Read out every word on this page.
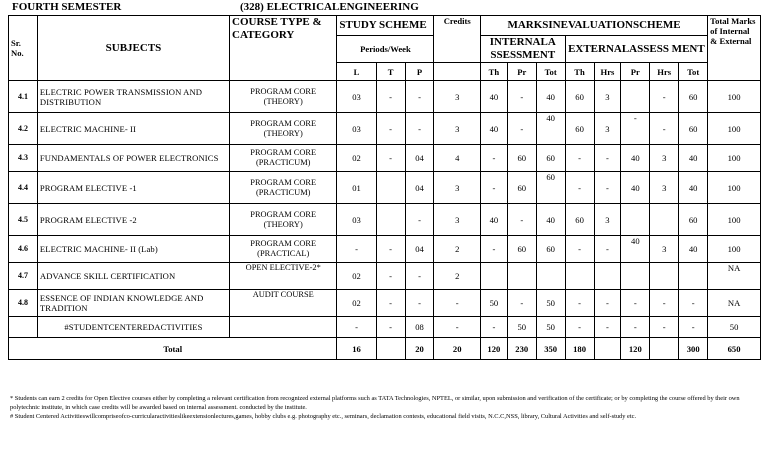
FOURTH SEMESTER	(328) ELECTRICALENGINEERING
Sr. No.	SUBJECTS	COURSE TYPE & CATEGORY	STUDY SCHEME			Credits	MARKSINEVALUATIONSCHEME								Total Marks of Internal & External
			Periods/Week				INTERNALA SSESSMENT			EXTERNALASSESS MENT					
			L	T	P		Th	Pr	Tot	Th	Hrs	Pr	Hrs	Tot	
4.1	ELECTRIC POWER TRANSMISSION AND DISTRIBUTION	PROGRAM CORE (THEORY)	03	-	-	3	40	-	40	60	3		-	60	100
4.2	ELECTRIC MACHINE- II	PROGRAM CORE (THEORY)	03	-	-	3	40	-	40	60	3	-	-	60	100
4.3	FUNDAMENTALS OF POWER ELECTRONICS	PROGRAM CORE (PRACTICUM)	02	-	04	4	-	60	60	-	-	40	3	40	100
4.4	PROGRAM ELECTIVE -1	PROGRAM CORE (PRACTICUM)	01		04	3	-	60	60	-	-	40	3	40	100
4.5	PROGRAM ELECTIVE -2	PROGRAM CORE (THEORY)	03		-	3	40	-	40	60	3			60	100
4.6	ELECTRIC MACHINE- II (Lab)	PROGRAM CORE (PRACTICAL)	-	-	04	2	-	60	60	-	-	40	3	40	100
4.7	ADVANCE SKILL CERTIFICATION	OPEN ELECTIVE-2*	02	-	-	2									NA
4.8	ESSENCE OF INDIAN KNOWLEDGE AND TRADITION	AUDIT COURSE	02	-	-	-	50	-	50	-	-	-	-	-	NA
	#STUDENTCENTEREDACTIVITIES		-	-	08	-	-	50	50	-	-	-	-	-	50
Total			16		20	20	120	230	350	180		120		300	650

* Students can earn 2 credits for Open Elective courses either by completing a relevant certification from recognized external platforms such as TATA Technologies, NPTEL, or similar, upon submission and verification of the certificate; or by completing the course offered by their own polytechnic institute, in which case credits will be awarded based on internal assessment. conducted by the institute.

# Student Centered Activitieswillcompriseofco-curricularactivitieslikeextensionlectures,games, hobby clubs e.g. photography etc., seminars, declamation contests, educational field visits, N.C.C,NSS, library, Cultural Activities and self-study etc.
